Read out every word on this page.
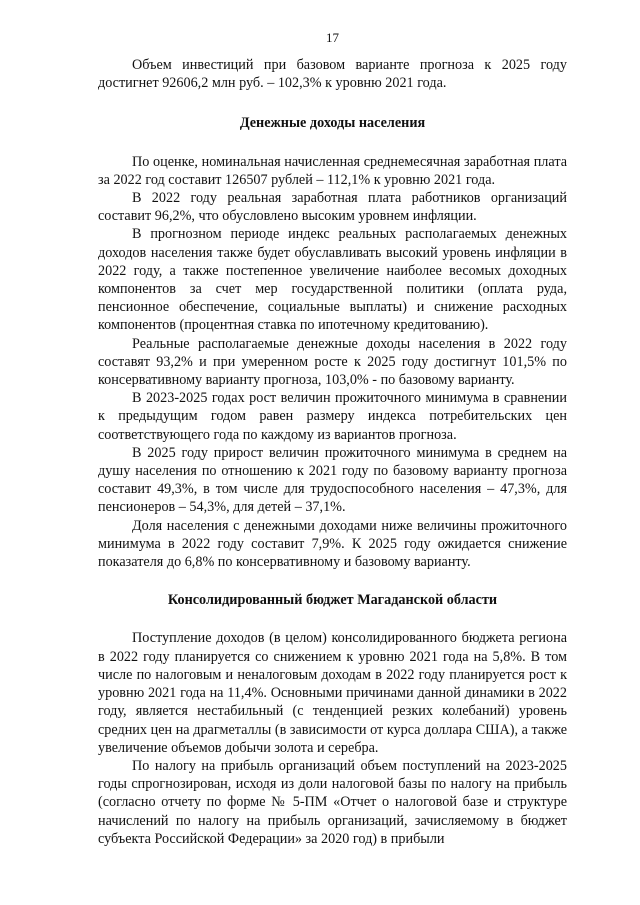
17

Объем инвестиций при базовом варианте прогноза к 2025 году достигнет 92606,2 млн руб. – 102,3% к уровню 2021 года.

Денежные доходы населения

По оценке, номинальная начисленная среднемесячная заработная плата за 2022 год составит 126507 рублей – 112,1% к уровню 2021 года.

В 2022 году реальная заработная плата работников организаций составит 96,2%, что обусловлено высоким уровнем инфляции.

В прогнозном периоде индекс реальных располагаемых денежных доходов населения также будет обуславливать высокий уровень инфляции в 2022 году, а также постепенное увеличение наиболее весомых доходных компонентов за счет мер государственной политики (оплата руда, пенсионное обеспечение, социальные выплаты) и снижение расходных компонентов (процентная ставка по ипотечному кредитованию).

Реальные располагаемые денежные доходы населения в 2022 году составят 93,2% и при умеренном росте к 2025 году достигнут 101,5% по консервативному варианту прогноза, 103,0% - по базовому варианту.

В 2023-2025 годах рост величин прожиточного минимума в сравнении к предыдущим годом равен размеру индекса потребительских цен соответствующего года по каждому из вариантов прогноза.

В 2025 году прирост величин прожиточного минимума в среднем на душу населения по отношению к 2021 году по базовому варианту прогноза составит 49,3%, в том числе для трудоспособного населения – 47,3%, для пенсионеров – 54,3%, для детей – 37,1%.

Доля населения с денежными доходами ниже величины прожиточного минимума в 2022 году составит 7,9%. К 2025 году ожидается снижение показателя до 6,8% по консервативному и базовому варианту.

Консолидированный бюджет Магаданской области

Поступление доходов (в целом) консолидированного бюджета региона в 2022 году планируется со снижением к уровню 2021 года на 5,8%. В том числе по налоговым и неналоговым доходам в 2022 году планируется рост к уровню 2021 года на 11,4%. Основными причинами данной динамики в 2022 году, является нестабильный (с тенденцией резких колебаний) уровень средних цен на драгметаллы (в зависимости от курса доллара США), а также увеличение объемов добычи золота и серебра.

По налогу на прибыль организаций объем поступлений на 2023-2025 годы спрогнозирован, исходя из доли налоговой базы по налогу на прибыль (согласно отчету по форме № 5-ПМ «Отчет о налоговой базе и структуре начислений по налогу на прибыль организаций, зачисляемому в бюджет субъекта Российской Федерации» за 2020 год) в прибыли
